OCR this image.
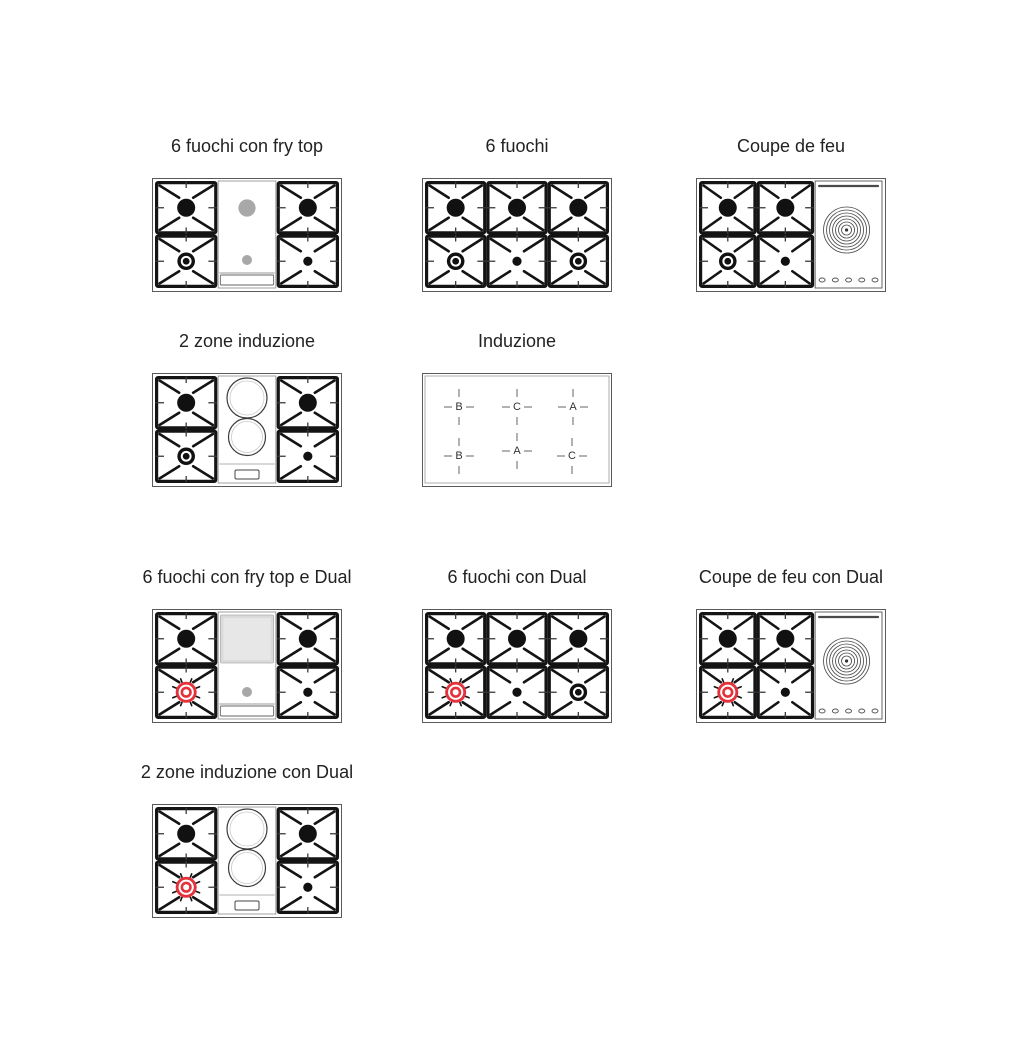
6 fuochi con fry top	6 fuochi	Coupe de feu
2 zone induzione	Induzione
B	C	A
B	A	C
6 fuochi con fry top e Dual	6 fuochi con Dual	Coupe de feu con Dual
2 zone induzione con Dual
